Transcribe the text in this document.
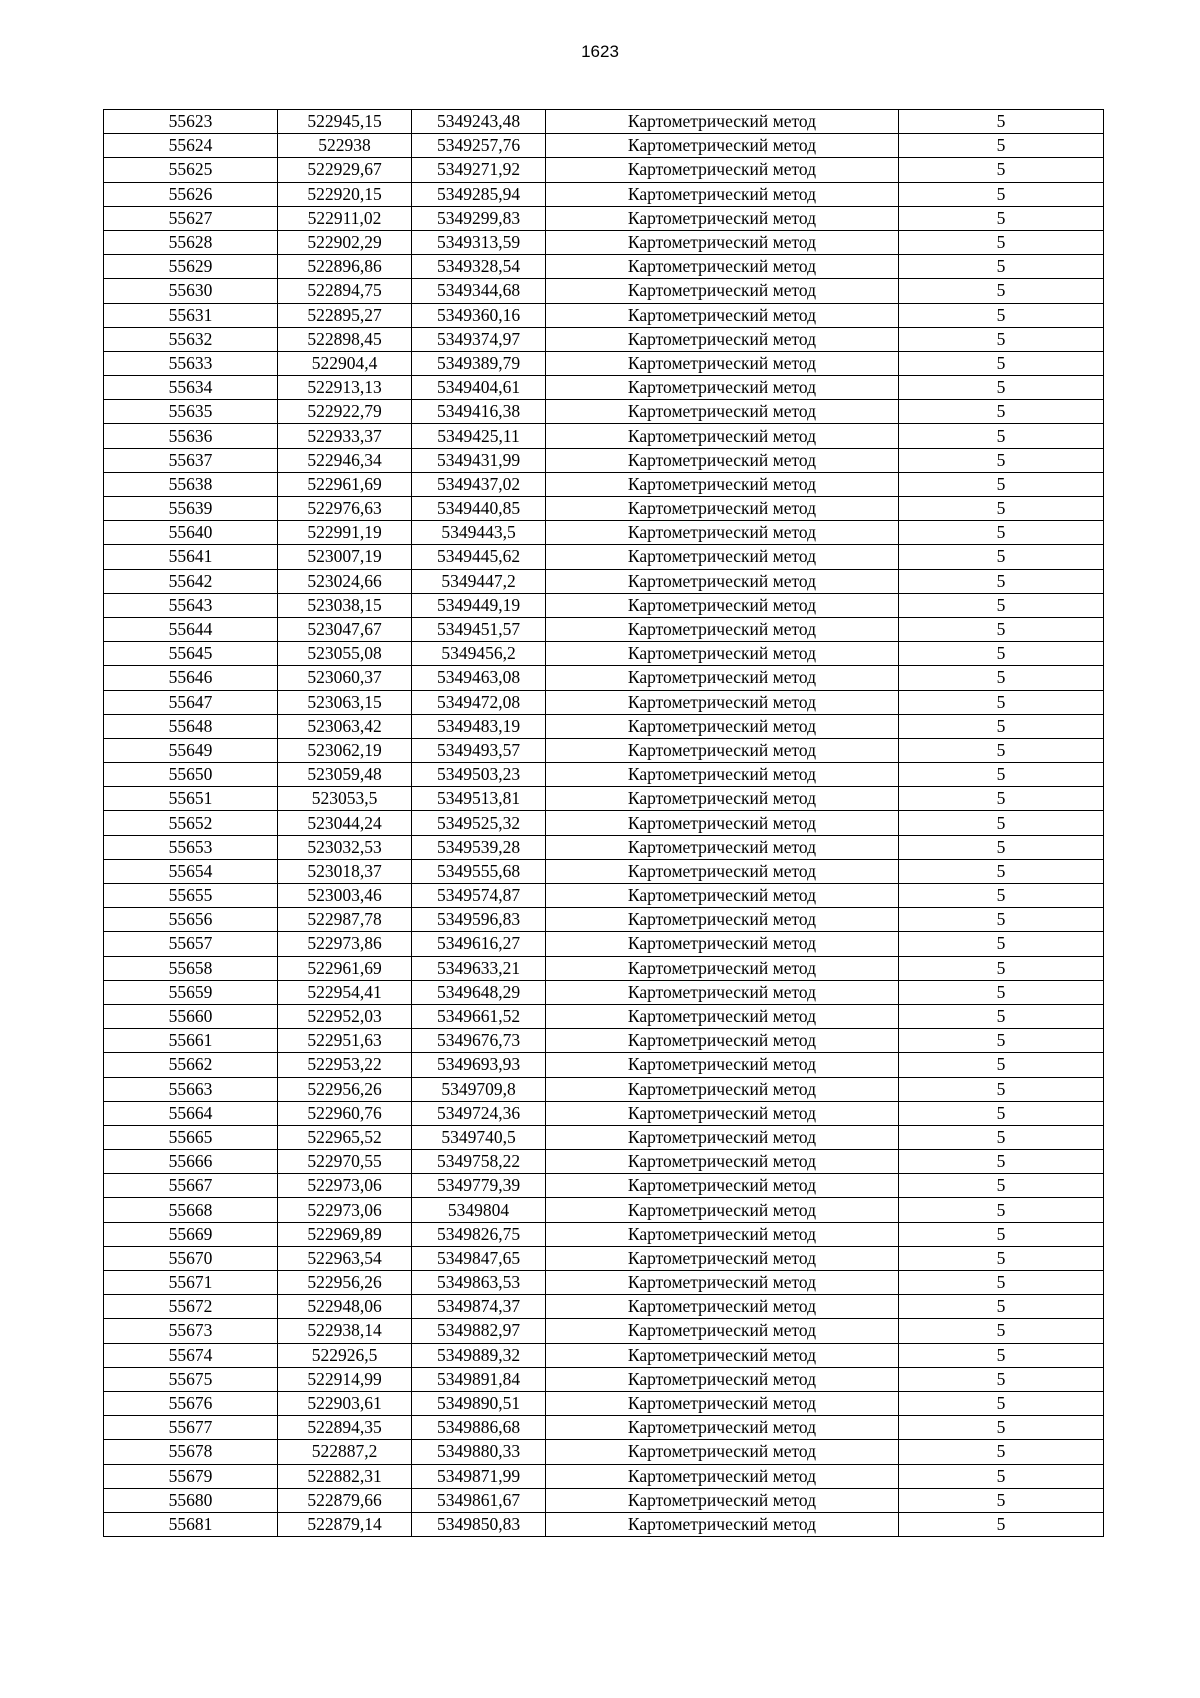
1623
55623	522945,15	5349243,48	Картометрический метод	5
55624	522938	5349257,76	Картометрический метод	5
55625	522929,67	5349271,92	Картометрический метод	5
55626	522920,15	5349285,94	Картометрический метод	5
55627	522911,02	5349299,83	Картометрический метод	5
55628	522902,29	5349313,59	Картометрический метод	5
55629	522896,86	5349328,54	Картометрический метод	5
55630	522894,75	5349344,68	Картометрический метод	5
55631	522895,27	5349360,16	Картометрический метод	5
55632	522898,45	5349374,97	Картометрический метод	5
55633	522904,4	5349389,79	Картометрический метод	5
55634	522913,13	5349404,61	Картометрический метод	5
55635	522922,79	5349416,38	Картометрический метод	5
55636	522933,37	5349425,11	Картометрический метод	5
55637	522946,34	5349431,99	Картометрический метод	5
55638	522961,69	5349437,02	Картометрический метод	5
55639	522976,63	5349440,85	Картометрический метод	5
55640	522991,19	5349443,5	Картометрический метод	5
55641	523007,19	5349445,62	Картометрический метод	5
55642	523024,66	5349447,2	Картометрический метод	5
55643	523038,15	5349449,19	Картометрический метод	5
55644	523047,67	5349451,57	Картометрический метод	5
55645	523055,08	5349456,2	Картометрический метод	5
55646	523060,37	5349463,08	Картометрический метод	5
55647	523063,15	5349472,08	Картометрический метод	5
55648	523063,42	5349483,19	Картометрический метод	5
55649	523062,19	5349493,57	Картометрический метод	5
55650	523059,48	5349503,23	Картометрический метод	5
55651	523053,5	5349513,81	Картометрический метод	5
55652	523044,24	5349525,32	Картометрический метод	5
55653	523032,53	5349539,28	Картометрический метод	5
55654	523018,37	5349555,68	Картометрический метод	5
55655	523003,46	5349574,87	Картометрический метод	5
55656	522987,78	5349596,83	Картометрический метод	5
55657	522973,86	5349616,27	Картометрический метод	5
55658	522961,69	5349633,21	Картометрический метод	5
55659	522954,41	5349648,29	Картометрический метод	5
55660	522952,03	5349661,52	Картометрический метод	5
55661	522951,63	5349676,73	Картометрический метод	5
55662	522953,22	5349693,93	Картометрический метод	5
55663	522956,26	5349709,8	Картометрический метод	5
55664	522960,76	5349724,36	Картометрический метод	5
55665	522965,52	5349740,5	Картометрический метод	5
55666	522970,55	5349758,22	Картометрический метод	5
55667	522973,06	5349779,39	Картометрический метод	5
55668	522973,06	5349804	Картометрический метод	5
55669	522969,89	5349826,75	Картометрический метод	5
55670	522963,54	5349847,65	Картометрический метод	5
55671	522956,26	5349863,53	Картометрический метод	5
55672	522948,06	5349874,37	Картометрический метод	5
55673	522938,14	5349882,97	Картометрический метод	5
55674	522926,5	5349889,32	Картометрический метод	5
55675	522914,99	5349891,84	Картометрический метод	5
55676	522903,61	5349890,51	Картометрический метод	5
55677	522894,35	5349886,68	Картометрический метод	5
55678	522887,2	5349880,33	Картометрический метод	5
55679	522882,31	5349871,99	Картометрический метод	5
55680	522879,66	5349861,67	Картометрический метод	5
55681	522879,14	5349850,83	Картометрический метод	5
